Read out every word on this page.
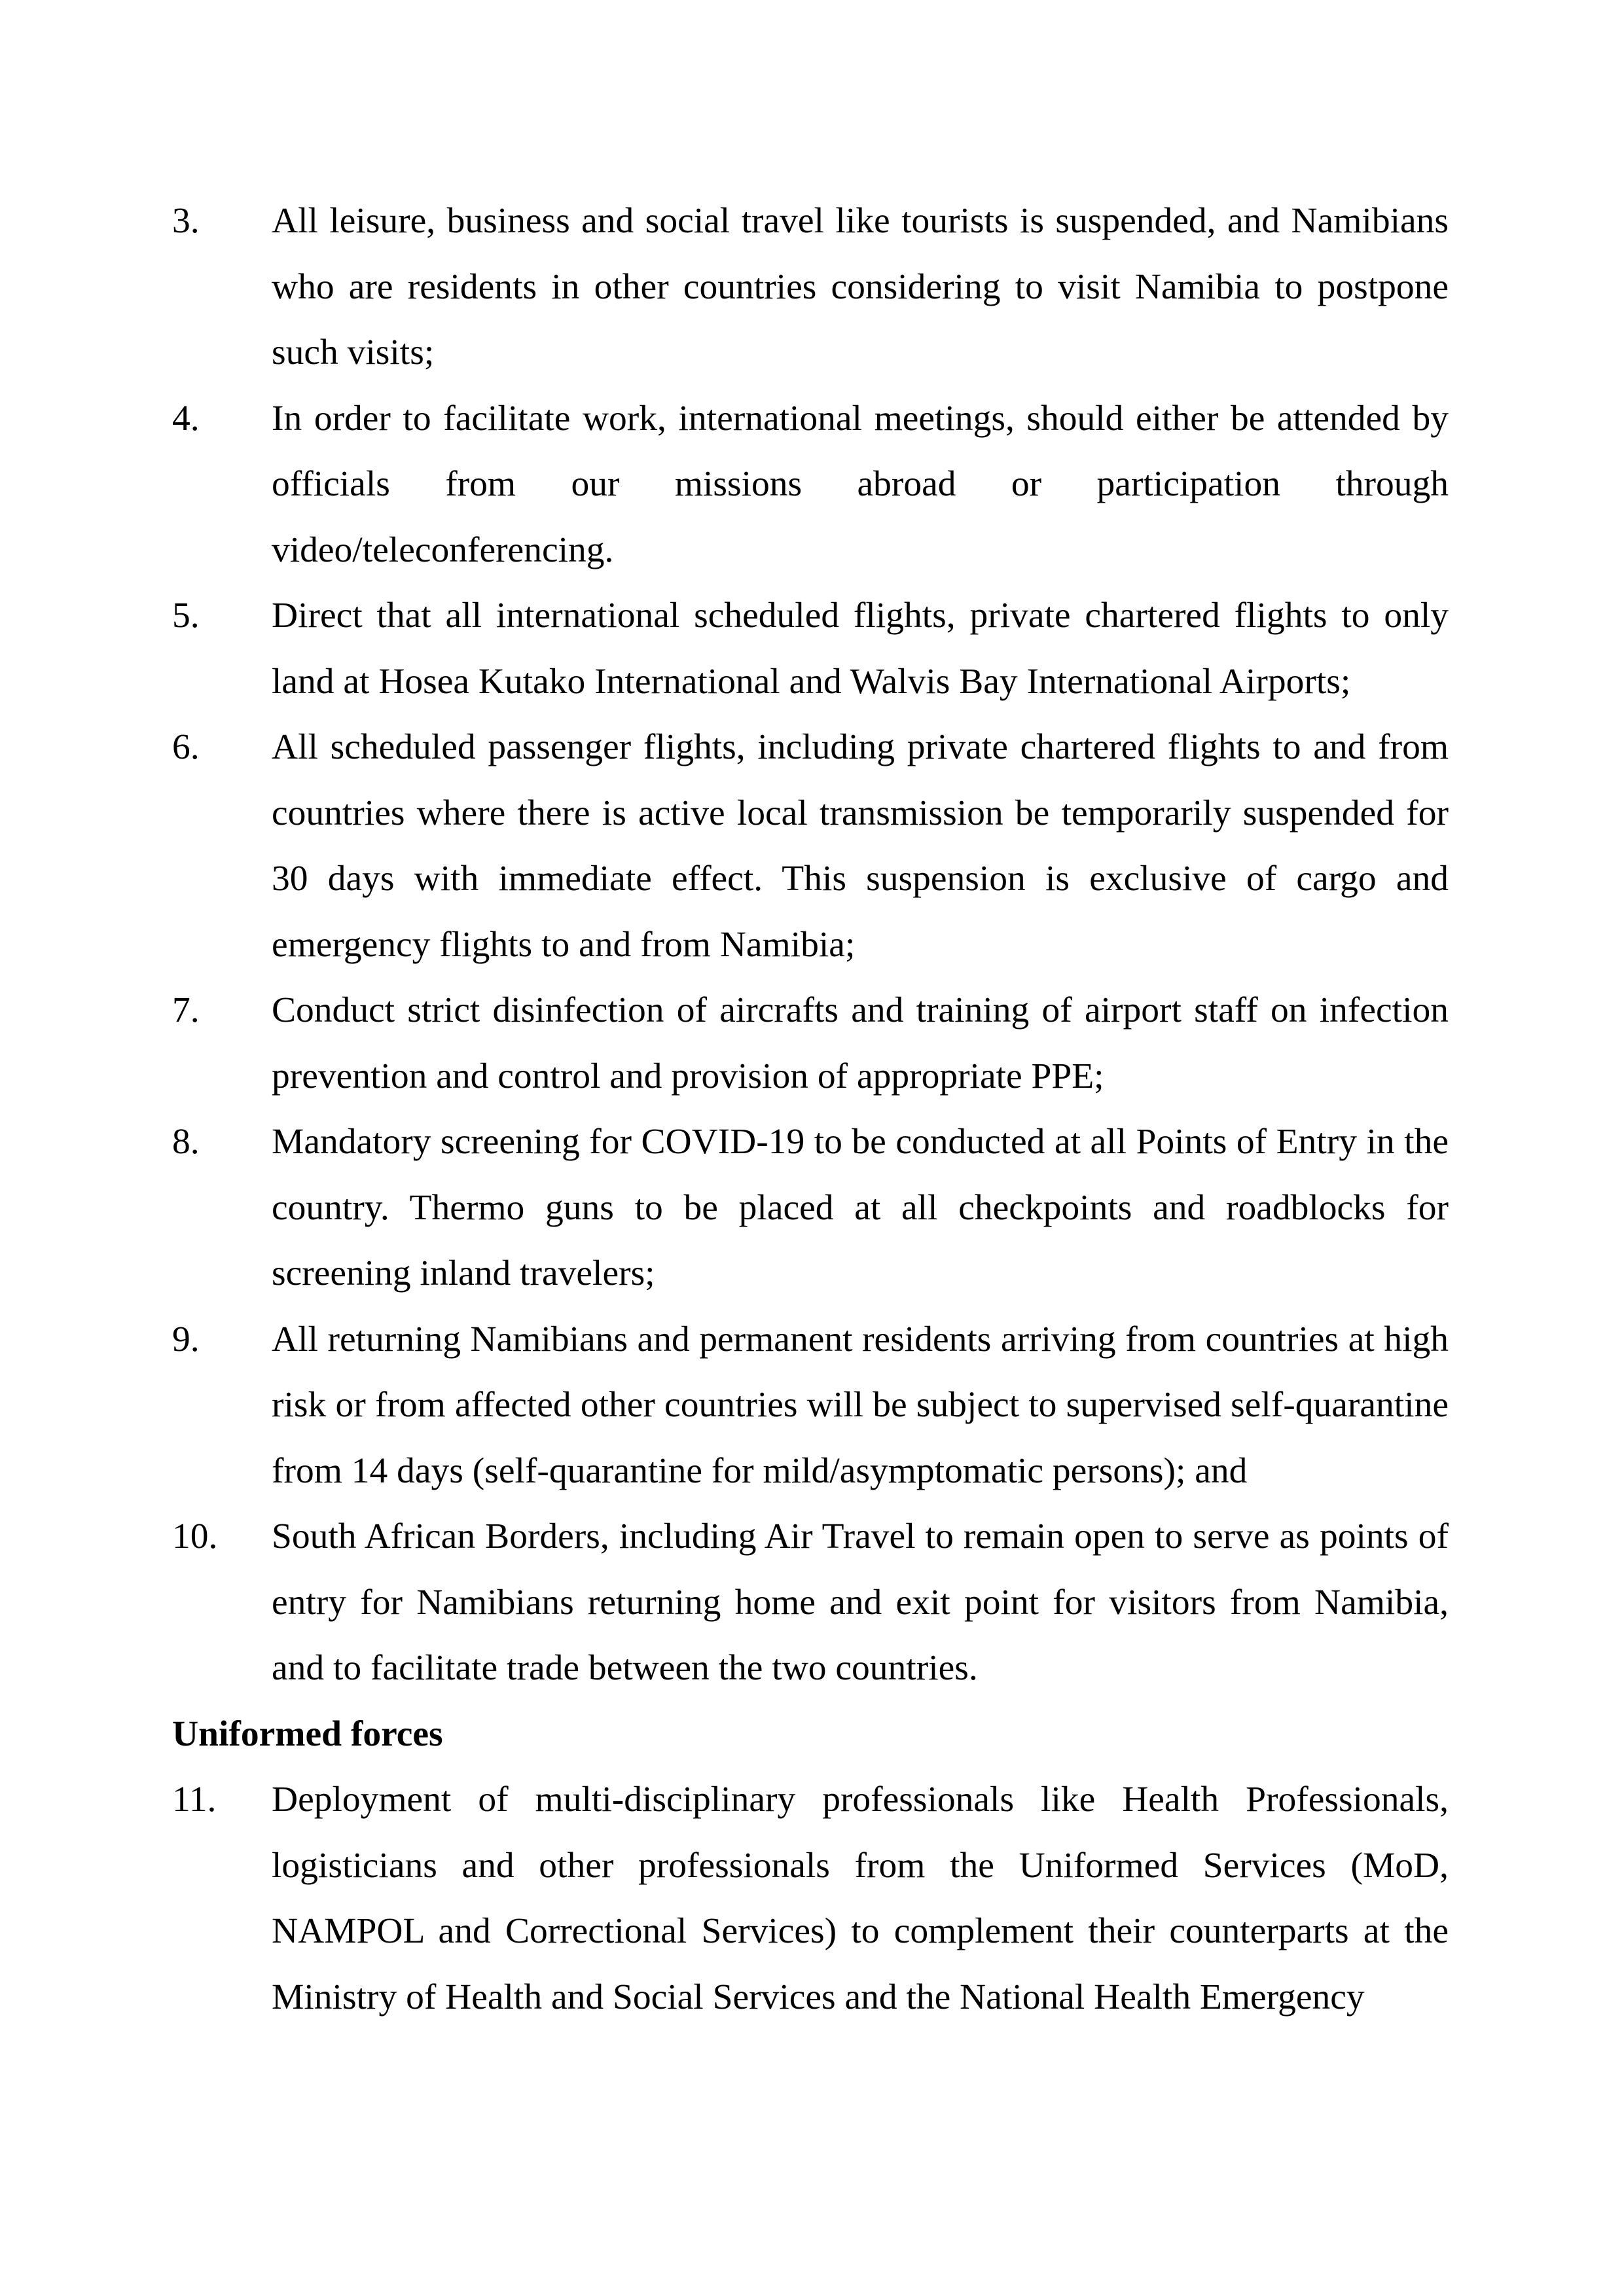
3.	All leisure, business and social travel like tourists is suspended, and Namibians who are residents in other countries considering to visit Namibia to postpone such visits;
4.	In order to facilitate work, international meetings, should either be attended by officials from our missions abroad or participation through video/teleconferencing.
5.	Direct that all international scheduled flights, private chartered flights to only land at Hosea Kutako International and Walvis Bay International Airports;
6.	All scheduled passenger flights, including private chartered flights to and from countries where there is active local transmission be temporarily suspended for 30 days with immediate effect. This suspension is exclusive of cargo and emergency flights to and from Namibia;
7.	Conduct strict disinfection of aircrafts and training of airport staff on infection prevention and control and provision of appropriate PPE;
8.	Mandatory screening for COVID-19 to be conducted at all Points of Entry in the country. Thermo guns to be placed at all checkpoints and roadblocks for screening inland travelers;
9.	All returning Namibians and permanent residents arriving from countries at high risk or from affected other countries will be subject to supervised self-quarantine from 14 days (self-quarantine for mild/asymptomatic persons); and
10.	South African Borders, including Air Travel to remain open to serve as points of entry for Namibians returning home and exit point for visitors from Namibia, and to facilitate trade between the two countries.
Uniformed forces
11.	Deployment of multi-disciplinary professionals like Health Professionals, logisticians and other professionals from the Uniformed Services (MoD, NAMPOL and Correctional Services) to complement their counterparts at the Ministry of Health and Social Services and the National Health Emergency
